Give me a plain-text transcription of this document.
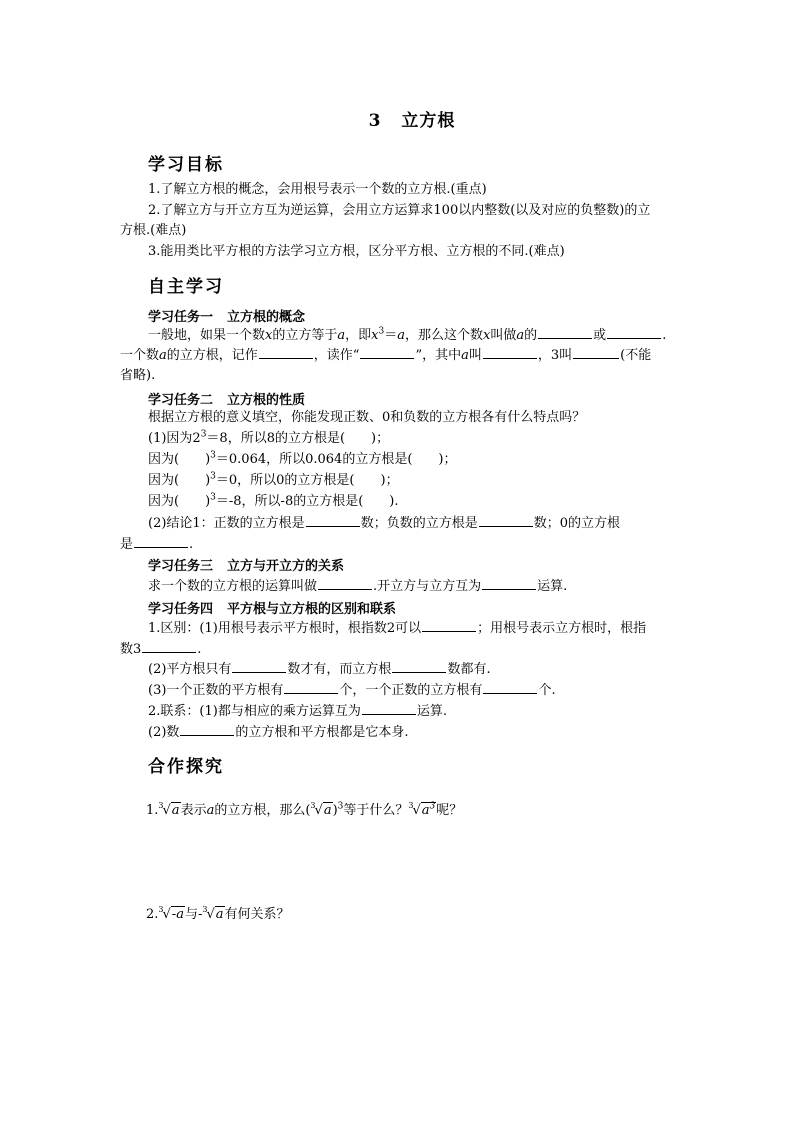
3 立方根
学习目标
1.了解立方根的概念，会用根号表示一个数的立方根.(重点)
2.了解立方与开立方互为逆运算，会用立方运算求100以内整数(以及对应的负整数)的立
方根.(难点)
3.能用类比平方根的方法学习立方根，区分平方根、立方根的不同.(难点)
自主学习
学习任务一 立方根的概念
一般地，如果一个数x的立方等于a，即$x^3=a$，那么这个数x叫做a的	或	.
一个数a的立方根，记作	，读作“	”，其中a叫	，3叫	(不能
省略).
学习任务二 立方根的性质
根据立方根的意义填空，你能发现正数、0和负数的立方根各有什么特点吗？
(1)因为$2^3=8$，所以8的立方根是( )；
因为( )$^3$＝0.064，所以0.064的立方根是( )；
因为( )$^3$＝0，所以0的立方根是( )；
因为( )$^3$＝-8，所以-8的立方根是( ).
(2)结论1：正数的立方根是	数；负数的立方根是	数；0的立方根
是	.
学习任务三 立方与开立方的关系
求一个数的立方根的运算叫做	.开立方与立方互为	运算.
学习任务四 平方根与立方根的区别和联系
1.区别：(1)用根号表示平方根时，根指数2可以	；用根号表示立方根时，根指
数3	.
(2)平方根只有	数才有，而立方根	数都有.
(3)一个正数的平方根有	个，一个正数的立方根有	个.
2.联系：(1)都与相应的乘方运算互为	运算.
(2)数	的立方根和平方根都是它本身.
合作探究
1.$^3$√a表示a的立方根，那么$(^3√a)^3$等于什么？$^3√a^3$呢？
2.$^3$√-a与-$^3$√a有何关系？
